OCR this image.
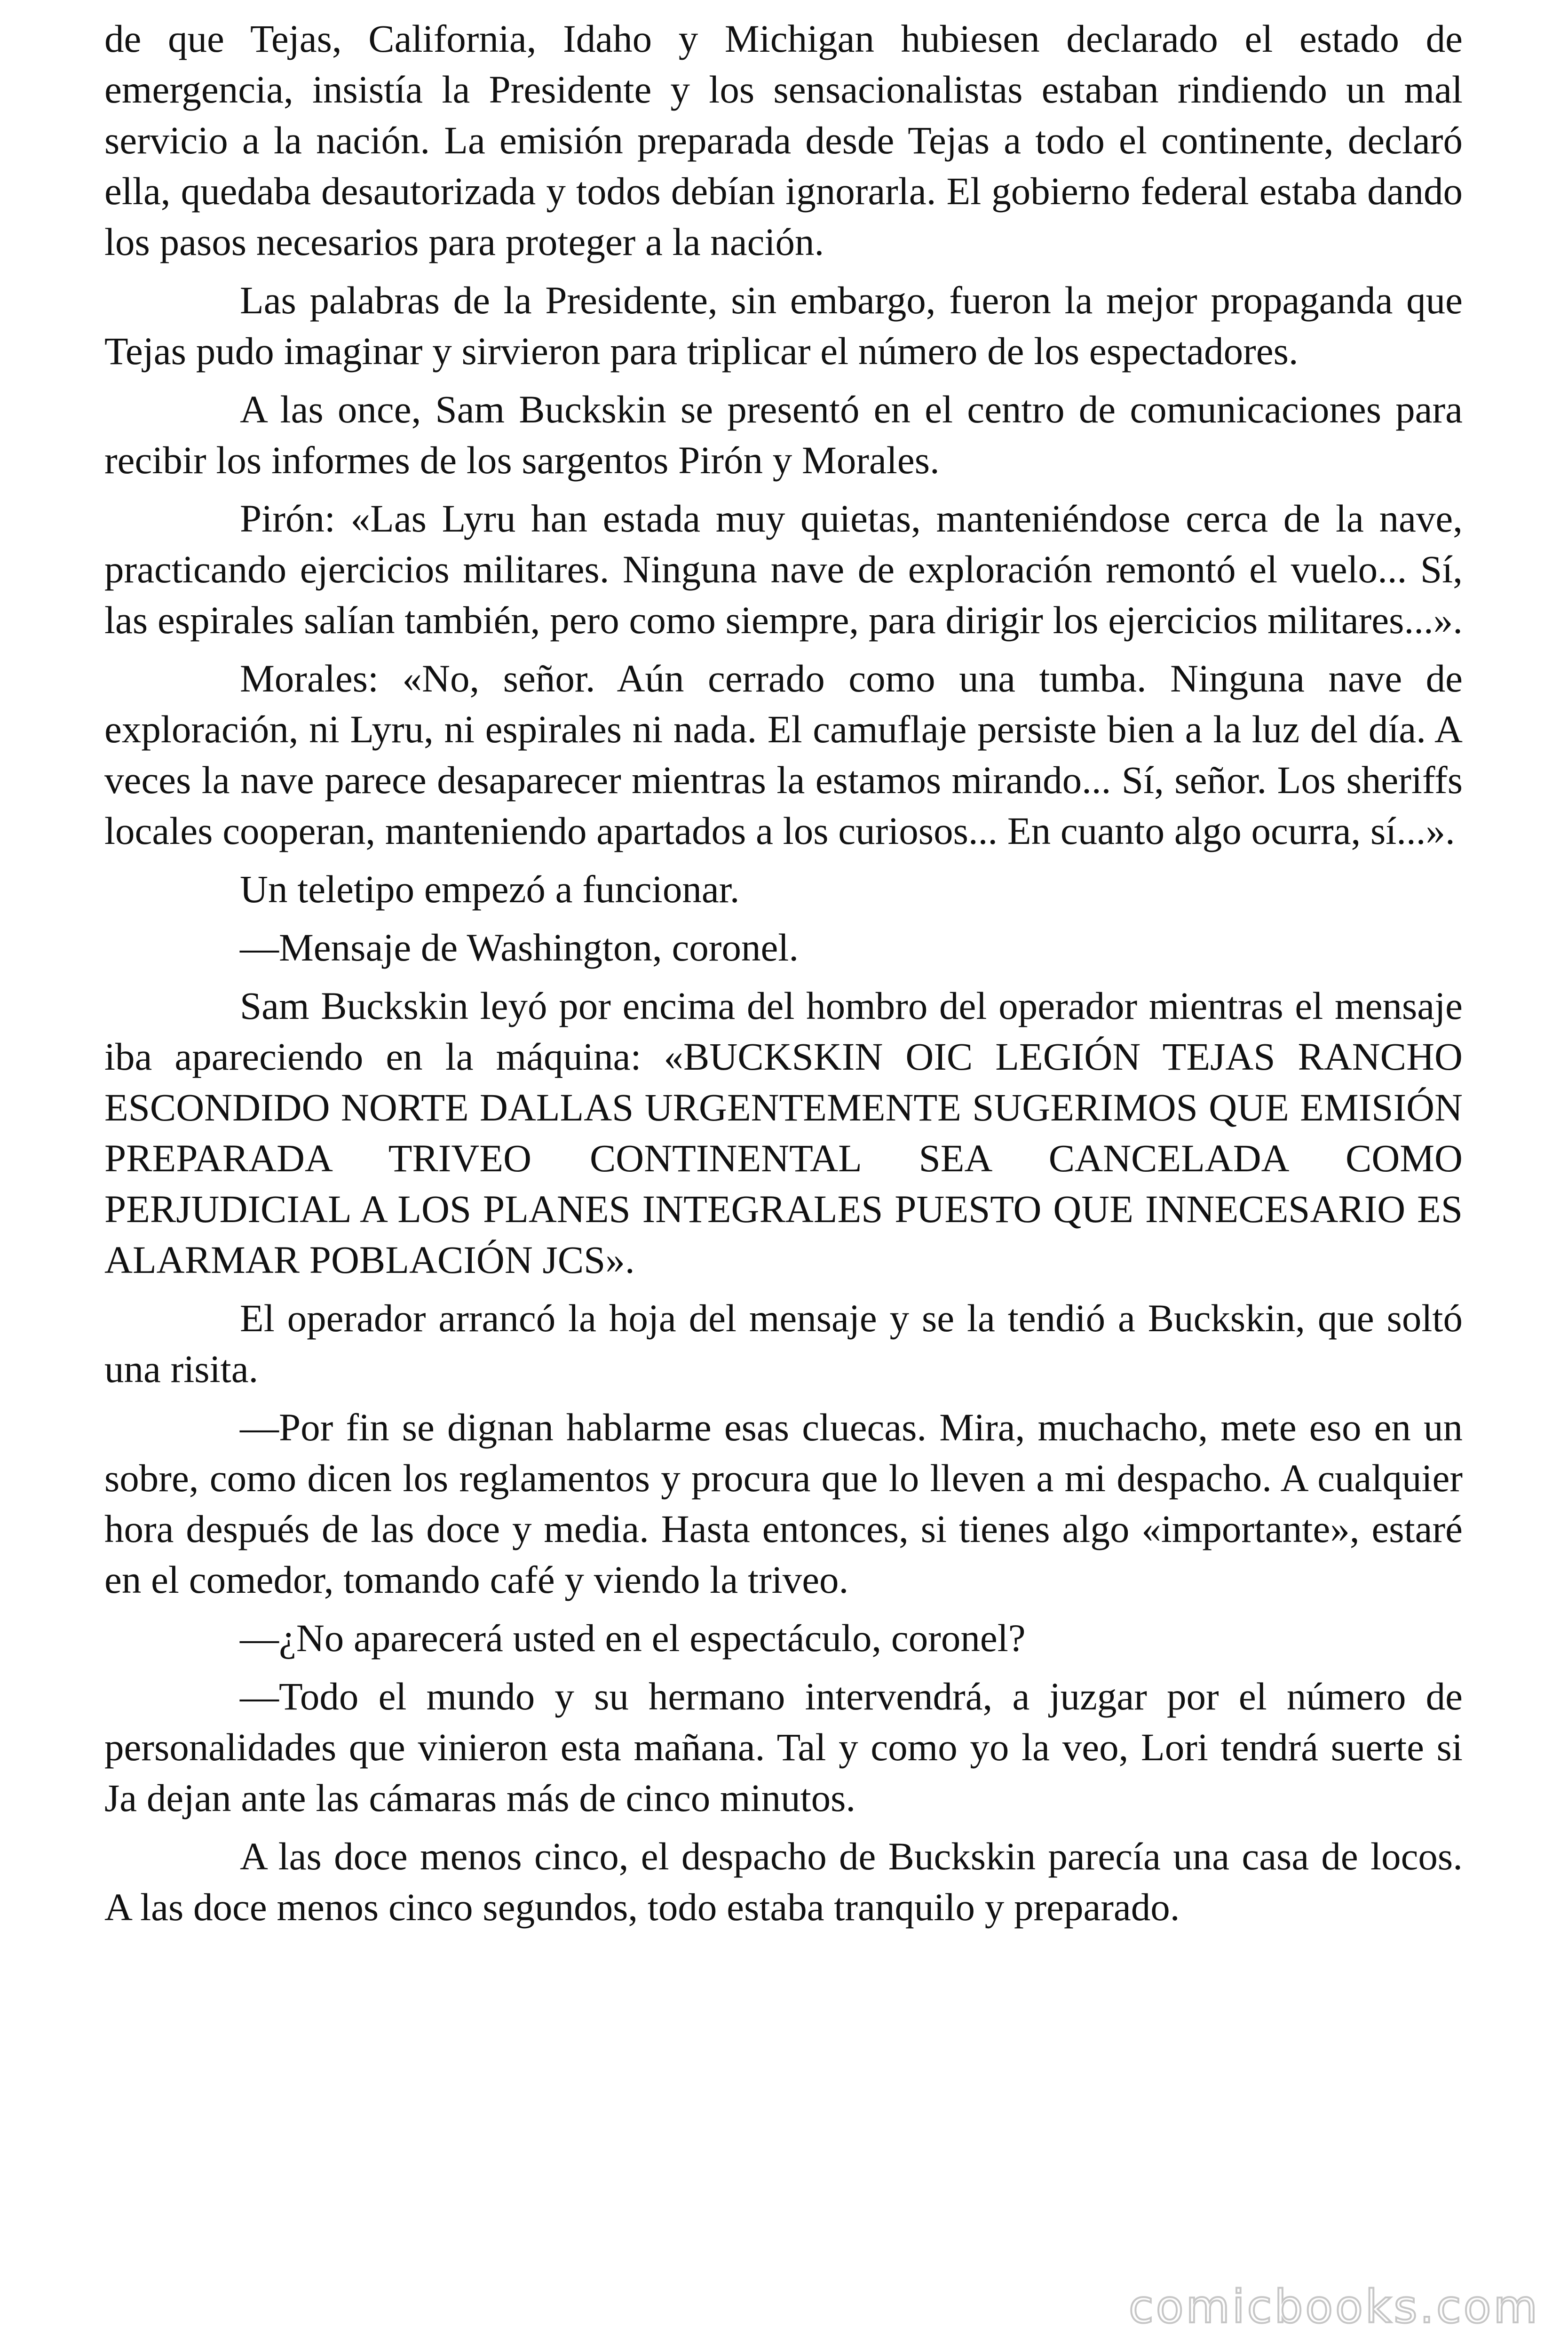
de que Tejas, California, Idaho y Michigan hubiesen declarado el estado de emergencia, insistía la Presidente y los sensacionalistas estaban rindiendo un mal servicio a la nación. La emisión preparada desde Tejas a todo el continente, declaró ella, quedaba desautorizada y todos debían ignorarla. El gobierno federal estaba dando los pasos necesarios para proteger a la nación.

Las palabras de la Presidente, sin embargo, fueron la mejor propaganda que Tejas pudo imaginar y sirvieron para triplicar el número de los espectadores.

A las once, Sam Buckskin se presentó en el centro de comunicaciones para recibir los informes de los sargentos Pirón y Morales.

Pirón: «Las Lyru han estada muy quietas, manteniéndose cerca de la nave, practicando ejercicios militares. Ninguna nave de exploración remontó el vuelo... Sí, las espirales salían también, pero como siempre, para dirigir los ejercicios militares...».

Morales: «No, señor. Aún cerrado como una tumba. Ninguna nave de exploración, ni Lyru, ni espirales ni nada. El camuflaje persiste bien a la luz del día. A veces la nave parece desaparecer mientras la estamos mirando... Sí, señor. Los sheriffs locales cooperan, manteniendo apartados a los curiosos... En cuanto algo ocurra, sí...».

Un teletipo empezó a funcionar.

—Mensaje de Washington, coronel.

Sam Buckskin leyó por encima del hombro del operador mientras el mensaje iba apareciendo en la máquina: «BUCKSKIN OIC LEGIÓN TEJAS RANCHO ESCONDIDO NORTE DALLAS URGENTEMENTE SUGERIMOS QUE EMISIÓN PREPARADA TRIVEO CONTINENTAL SEA CANCELADA COMO PERJUDICIAL A LOS PLANES INTEGRALES PUESTO QUE INNECESARIO ES ALARMAR POBLACIÓN JCS».

El operador arrancó la hoja del mensaje y se la tendió a Buckskin, que soltó una risita.

—Por fin se dignan hablarme esas cluecas. Mira, muchacho, mete eso en un sobre, como dicen los reglamentos y procura que lo lleven a mi despacho. A cualquier hora después de las doce y media. Hasta entonces, si tienes algo «importante», estaré en el comedor, tomando café y viendo la triveo.

—¿No aparecerá usted en el espectáculo, coronel?

—Todo el mundo y su hermano intervendrá, a juzgar por el número de personalidades que vinieron esta mañana. Tal y como yo la veo, Lori tendrá suerte si Ja dejan ante las cámaras más de cinco minutos.

A las doce menos cinco, el despacho de Buckskin parecía una casa de locos. A las doce menos cinco segundos, todo estaba tranquilo y preparado.

comicbooks.com
